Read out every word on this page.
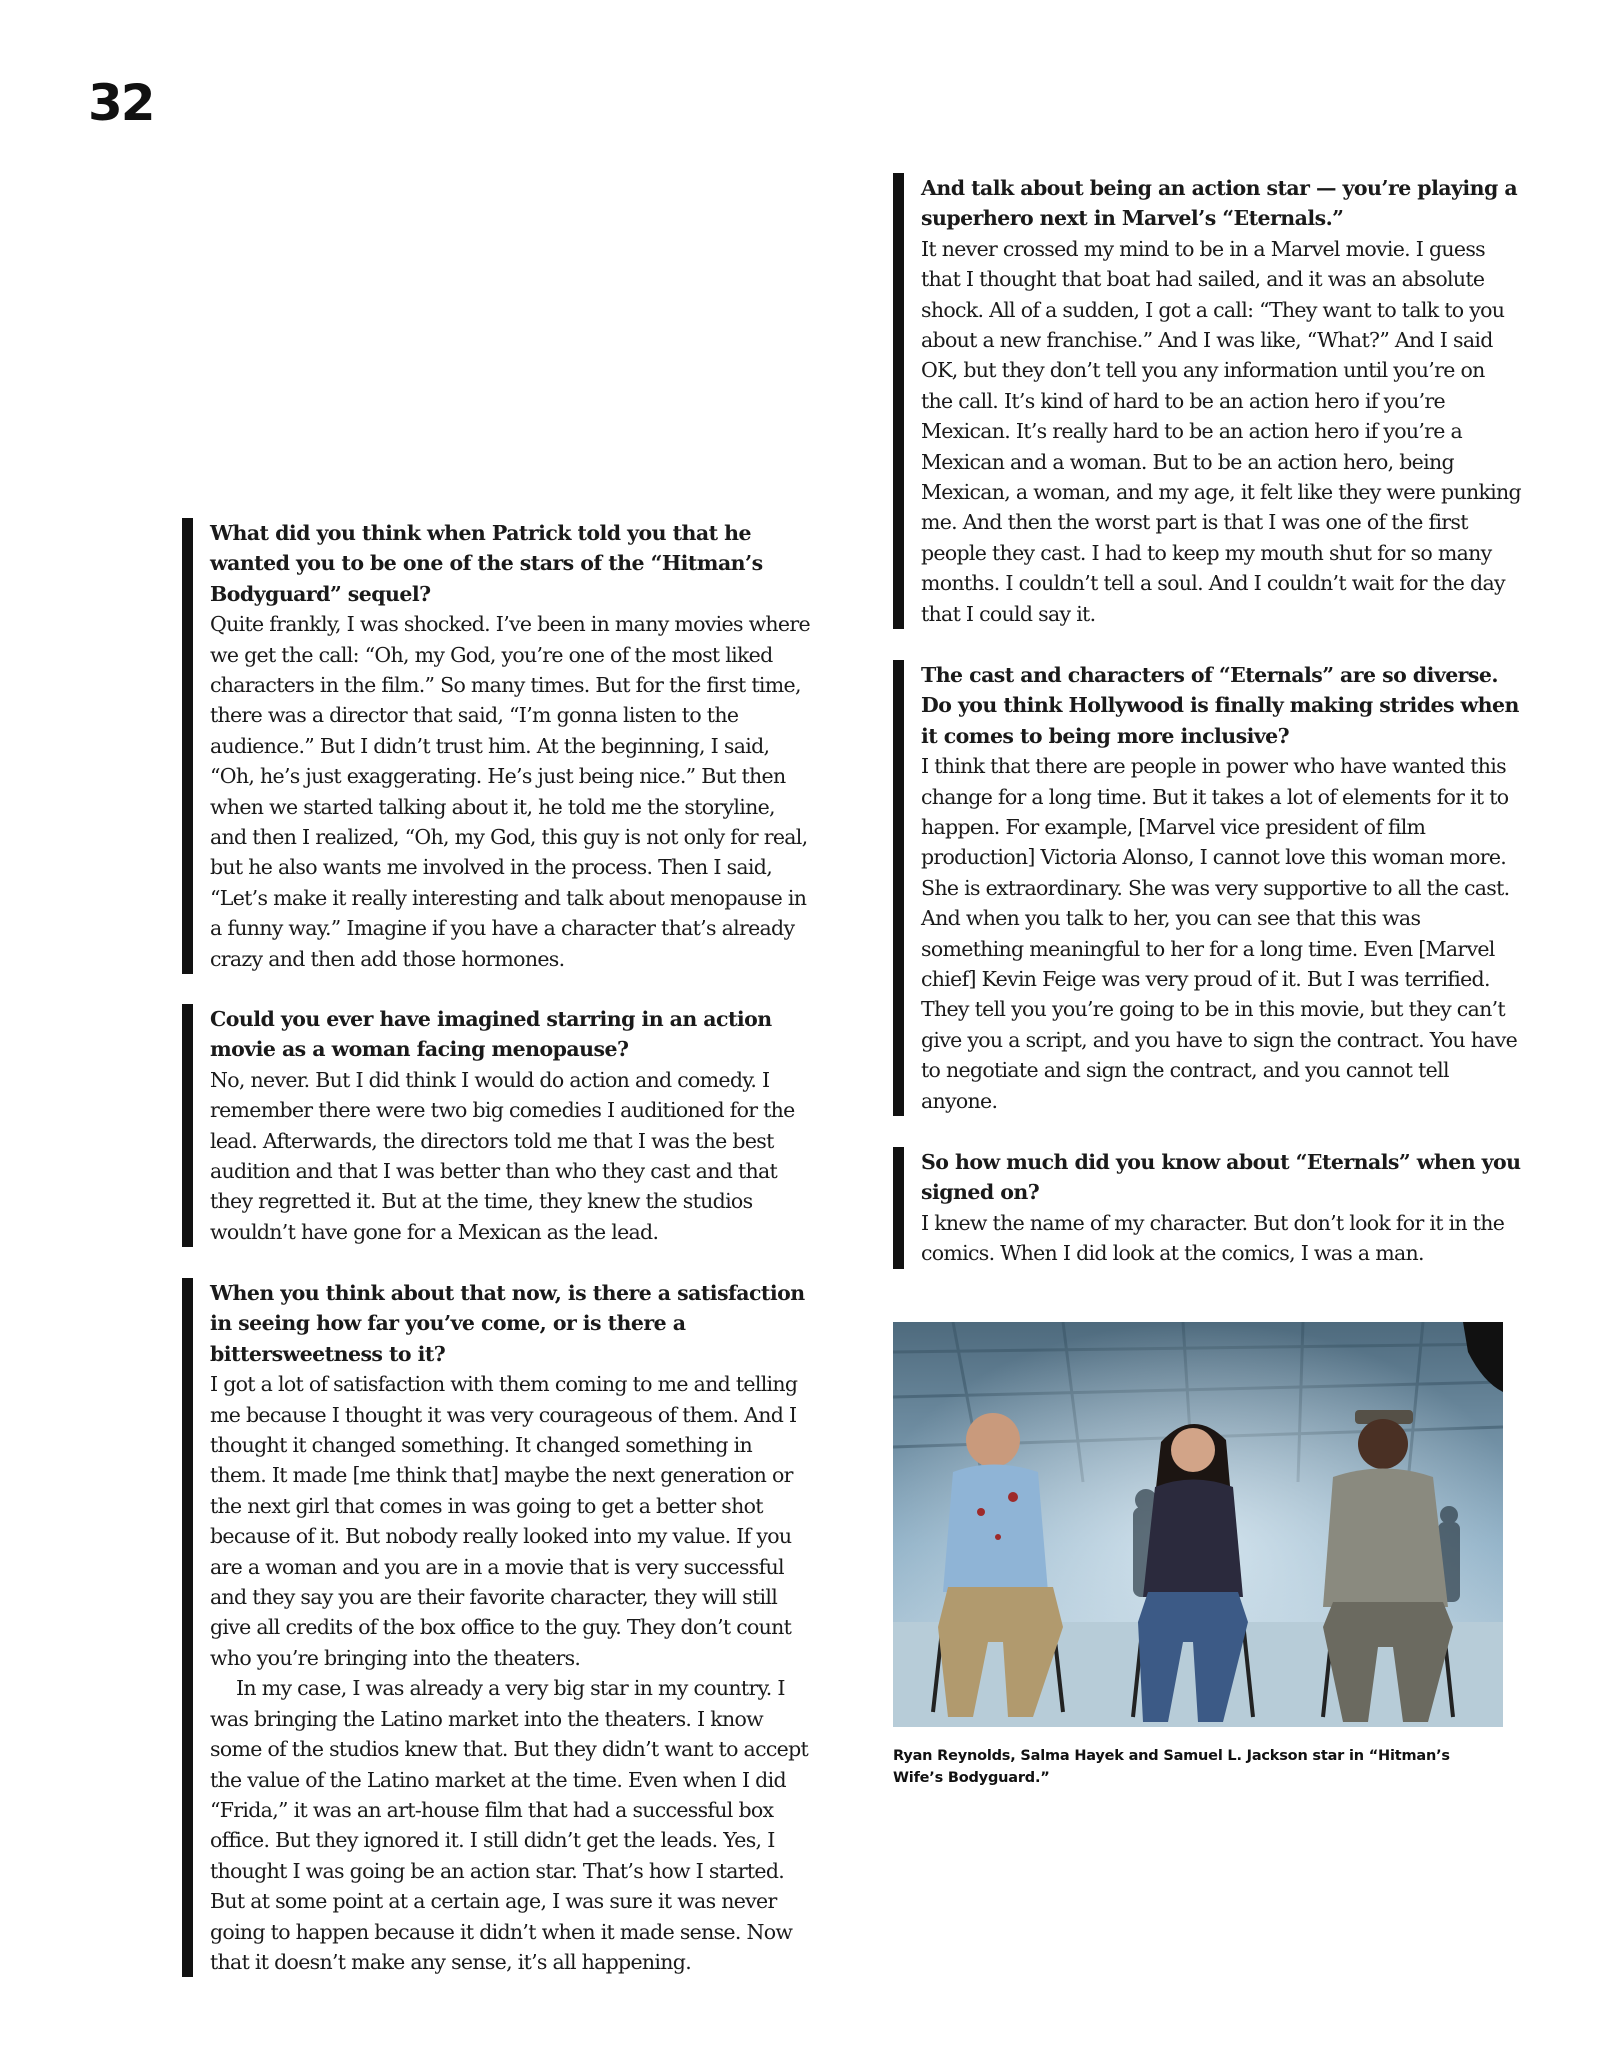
32

What did you think when Patrick told you that he wanted you to be one of the stars of the “Hitman’s Bodyguard” sequel?

Quite frankly, I was shocked. I’ve been in many movies where we get the call: “Oh, my God, you’re one of the most liked characters in the film.” So many times. But for the first time, there was a director that said, “I’m gonna listen to the audience.” But I didn’t trust him. At the beginning, I said, “Oh, he’s just exaggerating. He’s just being nice.” But then when we started talking about it, he told me the storyline, and then I realized, “Oh, my God, this guy is not only for real, but he also wants me involved in the process. Then I said, “Let’s make it really interesting and talk about menopause in a funny way.” Imagine if you have a character that’s already crazy and then add those hormones.

Could you ever have imagined starring in an action movie as a woman facing menopause?

No, never. But I did think I would do action and comedy. I remember there were two big comedies I auditioned for the lead. Afterwards, the directors told me that I was the best audition and that I was better than who they cast and that they regretted it. But at the time, they knew the studios wouldn’t have gone for a Mexican as the lead.

When you think about that now, is there a satisfaction in seeing how far you’ve come, or is there a bittersweetness to it?

I got a lot of satisfaction with them coming to me and telling me because I thought it was very courageous of them. And I thought it changed something. It changed something in them. It made [me think that] maybe the next generation or the next girl that comes in was going to get a better shot because of it. But nobody really looked into my value. If you are a woman and you are in a movie that is very successful and they say you are their favorite character, they will still give all credits of the box office to the guy. They don’t count who you’re bringing into the theaters.

In my case, I was already a very big star in my country. I was bringing the Latino market into the theaters. I know some of the studios knew that. But they didn’t want to accept the value of the Latino market at the time. Even when I did “Frida,” it was an art-house film that had a successful box office. But they ignored it. I still didn’t get the leads. Yes, I thought I was going be an action star. That’s how I started. But at some point at a certain age, I was sure it was never going to happen because it didn’t when it made sense. Now that it doesn’t make any sense, it’s all happening.

And talk about being an action star — you’re playing a superhero next in Marvel’s “Eternals.”

It never crossed my mind to be in a Marvel movie. I guess that I thought that boat had sailed, and it was an absolute shock. All of a sudden, I got a call: “They want to talk to you about a new franchise.” And I was like, “What?” And I said OK, but they don’t tell you any information until you’re on the call. It’s kind of hard to be an action hero if you’re Mexican. It’s really hard to be an action hero if you’re a Mexican and a woman. But to be an action hero, being Mexican, a woman, and my age, it felt like they were punking me. And then the worst part is that I was one of the first people they cast. I had to keep my mouth shut for so many months. I couldn’t tell a soul. And I couldn’t wait for the day that I could say it.

The cast and characters of “Eternals” are so diverse. Do you think Hollywood is finally making strides when it comes to being more inclusive?

I think that there are people in power who have wanted this change for a long time. But it takes a lot of elements for it to happen. For example, [Marvel vice president of film production] Victoria Alonso, I cannot love this woman more. She is extraordinary. She was very supportive to all the cast. And when you talk to her, you can see that this was something meaningful to her for a long time. Even [Marvel chief] Kevin Feige was very proud of it. But I was terrified. They tell you you’re going to be in this movie, but they can’t give you a script, and you have to sign the contract. You have to negotiate and sign the contract, and you cannot tell anyone.

So how much did you know about “Eternals” when you signed on?

I knew the name of my character. But don’t look for it in the comics. When I did look at the comics, I was a man.

Ryan Reynolds, Salma Hayek and Samuel L. Jackson star in “Hitman’s Wife’s Bodyguard.”
